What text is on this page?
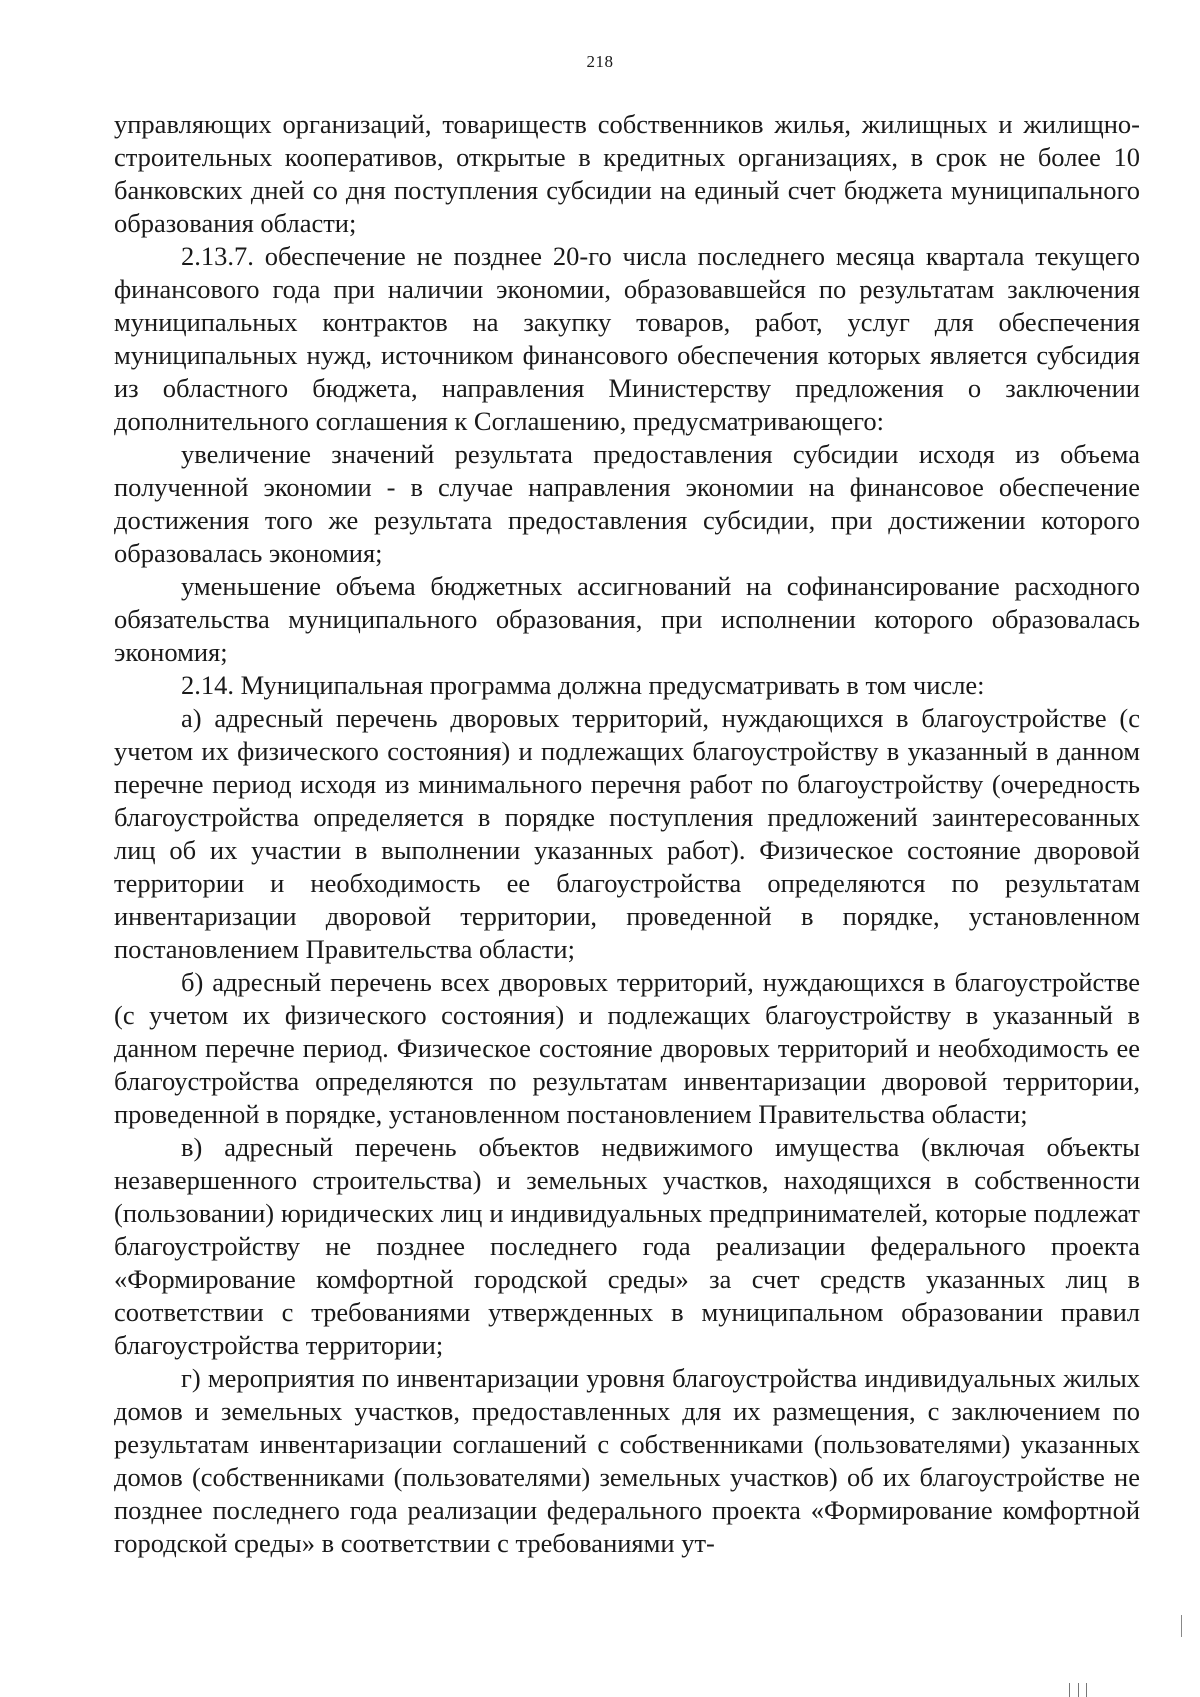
218

управляющих организаций, товариществ собственников жилья, жилищных и жилищно-строительных кооперативов, открытые в кредитных организациях, в срок не более 10 банковских дней со дня поступления субсидии на единый счет бюджета муниципального образования области;

2.13.7. обеспечение не позднее 20-го числа последнего месяца квартала текущего финансового года при наличии экономии, образовавшейся по результатам заключения муниципальных контрактов на закупку товаров, работ, услуг для обеспечения муниципальных нужд, источником финансового обеспечения которых является субсидия из областного бюджета, направления Министерству предложения о заключении дополнительного соглашения к Соглашению, предусматривающего:

увеличение значений результата предоставления субсидии исходя из объема полученной экономии - в случае направления экономии на финансовое обеспечение достижения того же результата предоставления субсидии, при достижении которого образовалась экономия;

уменьшение объема бюджетных ассигнований на софинансирование расходного обязательства муниципального образования, при исполнении которого образовалась экономия;

2.14. Муниципальная программа должна предусматривать в том числе:

а) адресный перечень дворовых территорий, нуждающихся в благоустройстве (с учетом их физического состояния) и подлежащих благоустройству в указанный в данном перечне период исходя из минимального перечня работ по благоустройству (очередность благоустройства определяется в порядке поступления предложений заинтересованных лиц об их участии в выполнении указанных работ). Физическое состояние дворовой территории и необходимость ее благоустройства определяются по результатам инвентаризации дворовой территории, проведенной в порядке, установленном постановлением Правительства области;

б) адресный перечень всех дворовых территорий, нуждающихся в благоустройстве (с учетом их физического состояния) и подлежащих благоустройству в указанный в данном перечне период. Физическое состояние дворовых территорий и необходимость ее благоустройства определяются по результатам инвентаризации дворовой территории, проведенной в порядке, установленном постановлением Правительства области;

в) адресный перечень объектов недвижимого имущества (включая объекты незавершенного строительства) и земельных участков, находящихся в собственности (пользовании) юридических лиц и индивидуальных предпринимателей, которые подлежат благоустройству не позднее последнего года реализации федерального проекта «Формирование комфортной городской среды» за счет средств указанных лиц в соответствии с требованиями утвержденных в муниципальном образовании правил благоустройства территории;

г) мероприятия по инвентаризации уровня благоустройства индивидуальных жилых домов и земельных участков, предоставленных для их размещения, с заключением по результатам инвентаризации соглашений с собственниками (пользователями) указанных домов (собственниками (пользователями) земельных участков) об их благоустройстве не позднее последнего года реализации федерального проекта «Формирование комфортной городской среды» в соответствии с требованиями ут-
